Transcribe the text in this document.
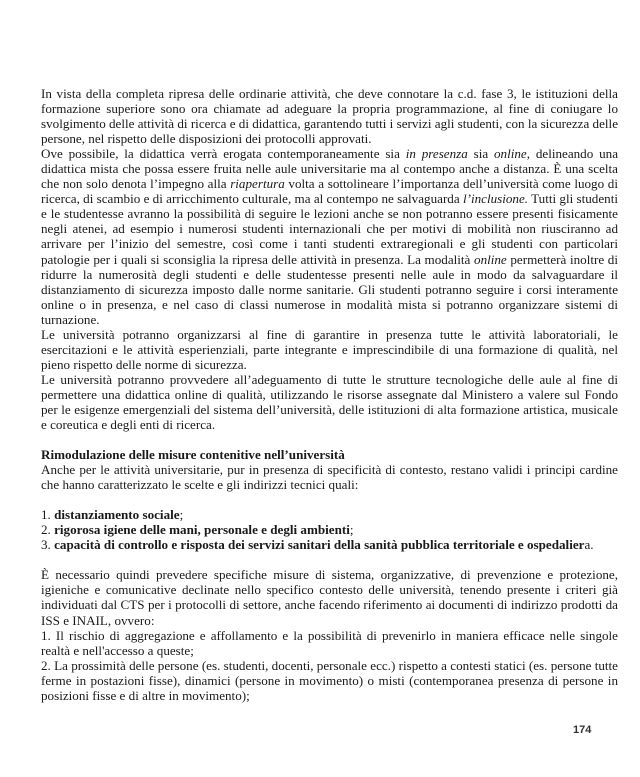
In vista della completa ripresa delle ordinarie attività, che deve connotare la c.d. fase 3, le istituzioni della formazione superiore sono ora chiamate ad adeguare la propria programmazione, al fine di coniugare lo svolgimento delle attività di ricerca e di didattica, garantendo tutti i servizi agli studenti, con la sicurezza delle persone, nel rispetto delle disposizioni dei protocolli approvati.

Ove possibile, la didattica verrà erogata contemporaneamente sia in presenza sia online, delineando una didattica mista che possa essere fruita nelle aule universitarie ma al contempo anche a distanza. È una scelta che non solo denota l’impegno alla riapertura volta a sottolineare l’importanza dell’università come luogo di ricerca, di scambio e di arricchimento culturale, ma al contempo ne salvaguarda l’inclusione. Tutti gli studenti e le studentesse avranno la possibilità di seguire le lezioni anche se non potranno essere presenti fisicamente negli atenei, ad esempio i numerosi studenti internazionali che per motivi di mobilità non riusciranno ad arrivare per l’inizio del semestre, così come i tanti studenti extraregionali e gli studenti con particolari patologie per i quali si sconsiglia la ripresa delle attività in presenza. La modalità online permetterà inoltre di ridurre la numerosità degli studenti e delle studentesse presenti nelle aule in modo da salvaguardare il distanziamento di sicurezza imposto dalle norme sanitarie. Gli studenti potranno seguire i corsi interamente online o in presenza, e nel caso di classi numerose in modalità mista si potranno organizzare sistemi di turnazione.

Le università potranno organizzarsi al fine di garantire in presenza tutte le attività laboratoriali, le esercitazioni e le attività esperienziali, parte integrante e imprescindibile di una formazione di qualità, nel pieno rispetto delle norme di sicurezza.

Le università potranno provvedere all’adeguamento di tutte le strutture tecnologiche delle aule al fine di permettere una didattica online di qualità, utilizzando le risorse assegnate dal Ministero a valere sul Fondo per le esigenze emergenziali del sistema dell’università, delle istituzioni di alta formazione artistica, musicale e coreutica e degli enti di ricerca.

Rimodulazione delle misure contenitive nell’università

Anche per le attività universitarie, pur in presenza di specificità di contesto, restano validi i principi cardine che hanno caratterizzato le scelte e gli indirizzi tecnici quali:

1. distanziamento sociale;

2. rigorosa igiene delle mani, personale e degli ambienti;

3. capacità di controllo e risposta dei servizi sanitari della sanità pubblica territoriale e ospedaliera.

È necessario quindi prevedere specifiche misure di sistema, organizzative, di prevenzione e protezione, igieniche e comunicative declinate nello specifico contesto delle università, tenendo presente i criteri già individuati dal CTS per i protocolli di settore, anche facendo riferimento ai documenti di indirizzo prodotti da ISS e INAIL, ovvero:

1. Il rischio di aggregazione e affollamento e la possibilità di prevenirlo in maniera efficace nelle singole realtà e nell'accesso a queste;

2. La prossimità delle persone (es. studenti, docenti, personale ecc.) rispetto a contesti statici (es. persone tutte ferme in postazioni fisse), dinamici (persone in movimento) o misti (contemporanea presenza di persone in posizioni fisse e di altre in movimento);

174
